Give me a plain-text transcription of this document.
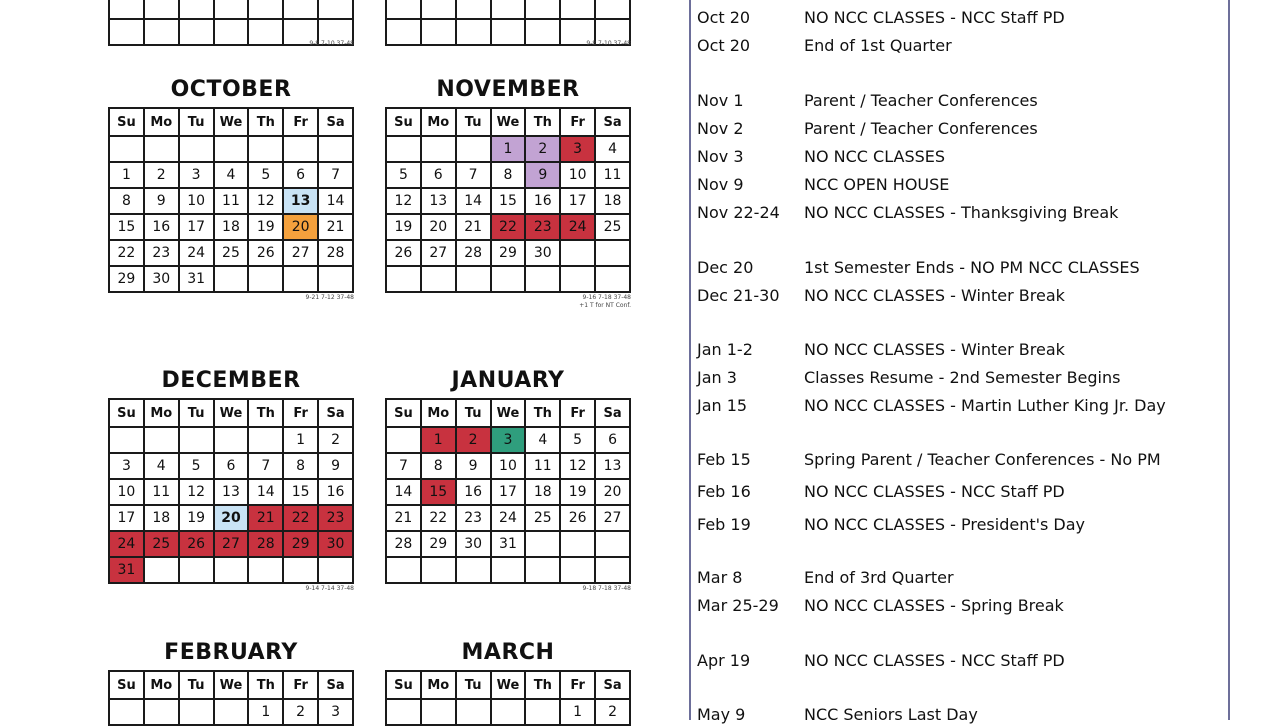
9-8 7-10 37-48

							9-8 7-10 37-48
OCTOBER
Su	Mo	Tu	We	Th	Fr	Sa

1	2	3	4	5	6	7
8	9	10	11	12	13	14
15	16	17	18	19	20	21
22	23	24	25	26	27	28
29	30	31				
9-21 7-12 37-48
NOVEMBER
Su	Mo	Tu	We	Th	Fr	Sa
			1	2	3	4
5	6	7	8	9	10	11
12	13	14	15	16	17	18
19	20	21	22	23	24	25
26	27	28	29	30		

9-16 7-18 37-48
+1 T for NT Conf.
DECEMBER
Su	Mo	Tu	We	Th	Fr	Sa
					1	2
3	4	5	6	7	8	9
10	11	12	13	14	15	16
17	18	19	20	21	22	23
24	25	26	27	28	29	30
31						
9-14 7-14 37-48
JANUARY
Su	Mo	Tu	We	Th	Fr	Sa
	1	2	3	4	5	6
7	8	9	10	11	12	13
14	15	16	17	18	19	20
21	22	23	24	25	26	27
28	29	30	31			

9-18 7-18 37-48
FEBRUARY
Su	Mo	Tu	We	Th	Fr	Sa
				1	2	3
MARCH
Su	Mo	Tu	We	Th	Fr	Sa
					1	2
Oct 20	NO NCC CLASSES - NCC Staff PD
Oct 20	End of 1st Quarter
Nov 1	Parent / Teacher Conferences
Nov 2	Parent / Teacher Conferences
Nov 3	NO NCC CLASSES
Nov 9	NCC OPEN HOUSE
Nov 22-24 NO NCC CLASSES - Thanksgiving Break
Dec 20	1st Semester Ends - NO PM NCC CLASSES
Dec 21-30 NO NCC CLASSES - Winter Break
Jan 1-2	NO NCC CLASSES - Winter Break
Jan 3	Classes Resume - 2nd Semester Begins
Jan 15	NO NCC CLASSES - Martin Luther King Jr. Day
Feb 15	Spring Parent / Teacher Conferences - No PM
Feb 16	NO NCC CLASSES - NCC Staff PD
Feb 19	NO NCC CLASSES - President's Day
Mar 8	End of 3rd Quarter
Mar 25-29 NO NCC CLASSES - Spring Break
Apr 19	NO NCC CLASSES - NCC Staff PD
May 9	NCC Seniors Last Day
